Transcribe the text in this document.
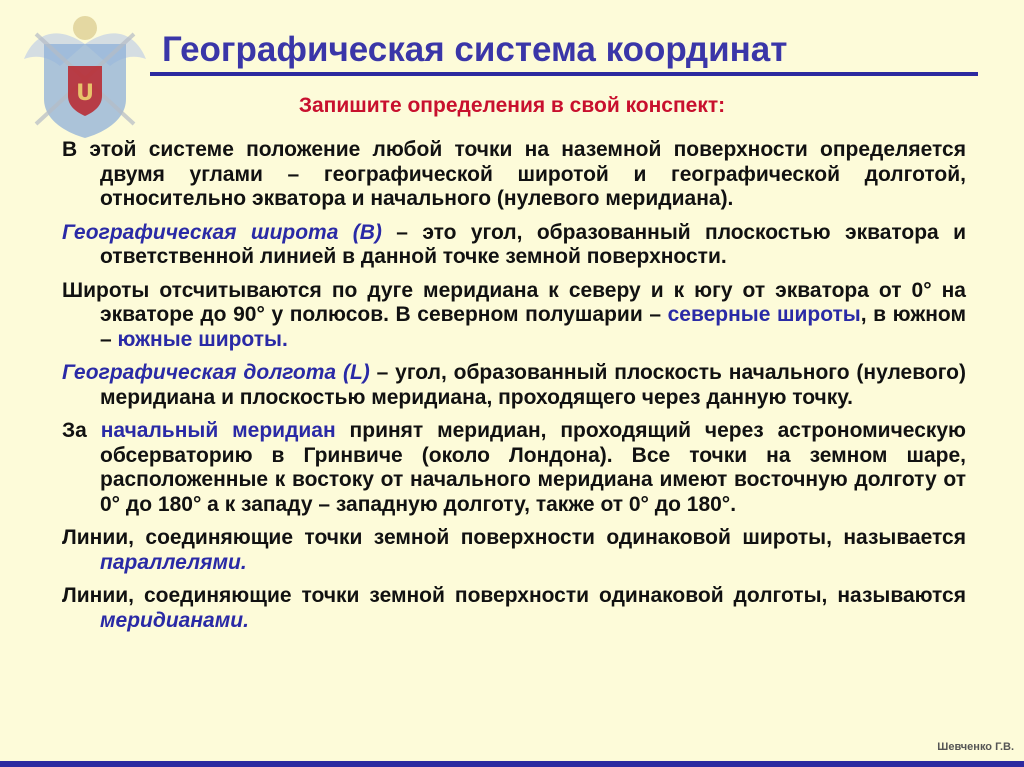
U
Географическая система координат
Запишите определения в свой конспект:

В этой системе положение любой точки на наземной поверхности определяется двумя углами – географической широтой и географической долготой, относительно экватора и начального (нулевого меридиана).

Географическая широта (B) – это угол, образованный плоскостью экватора и ответственной линией в данной точке земной поверхности.

Широты отсчитываются по дуге меридиана к северу и к югу от экватора от 0° на экваторе до 90° у полюсов. В северном полушарии – северные широты, в южном – южные широты.

Географическая долгота (L) – угол, образованный плоскость начального (нулевого) меридиана и плоскостью меридиана, проходящего через данную точку.

За начальный меридиан принят меридиан, проходящий через астрономическую обсерваторию в Гринвиче (около Лондона). Все точки на земном шаре, расположенные к востоку от начального меридиана имеют восточную долготу от 0° до 180° а к западу – западную долготу, также от 0° до 180°.

Линии, соединяющие точки земной поверхности одинаковой широты, называется параллелями.

Линии, соединяющие точки земной поверхности одинаковой долготы, называются меридианами.

Шевченко Г.В.
